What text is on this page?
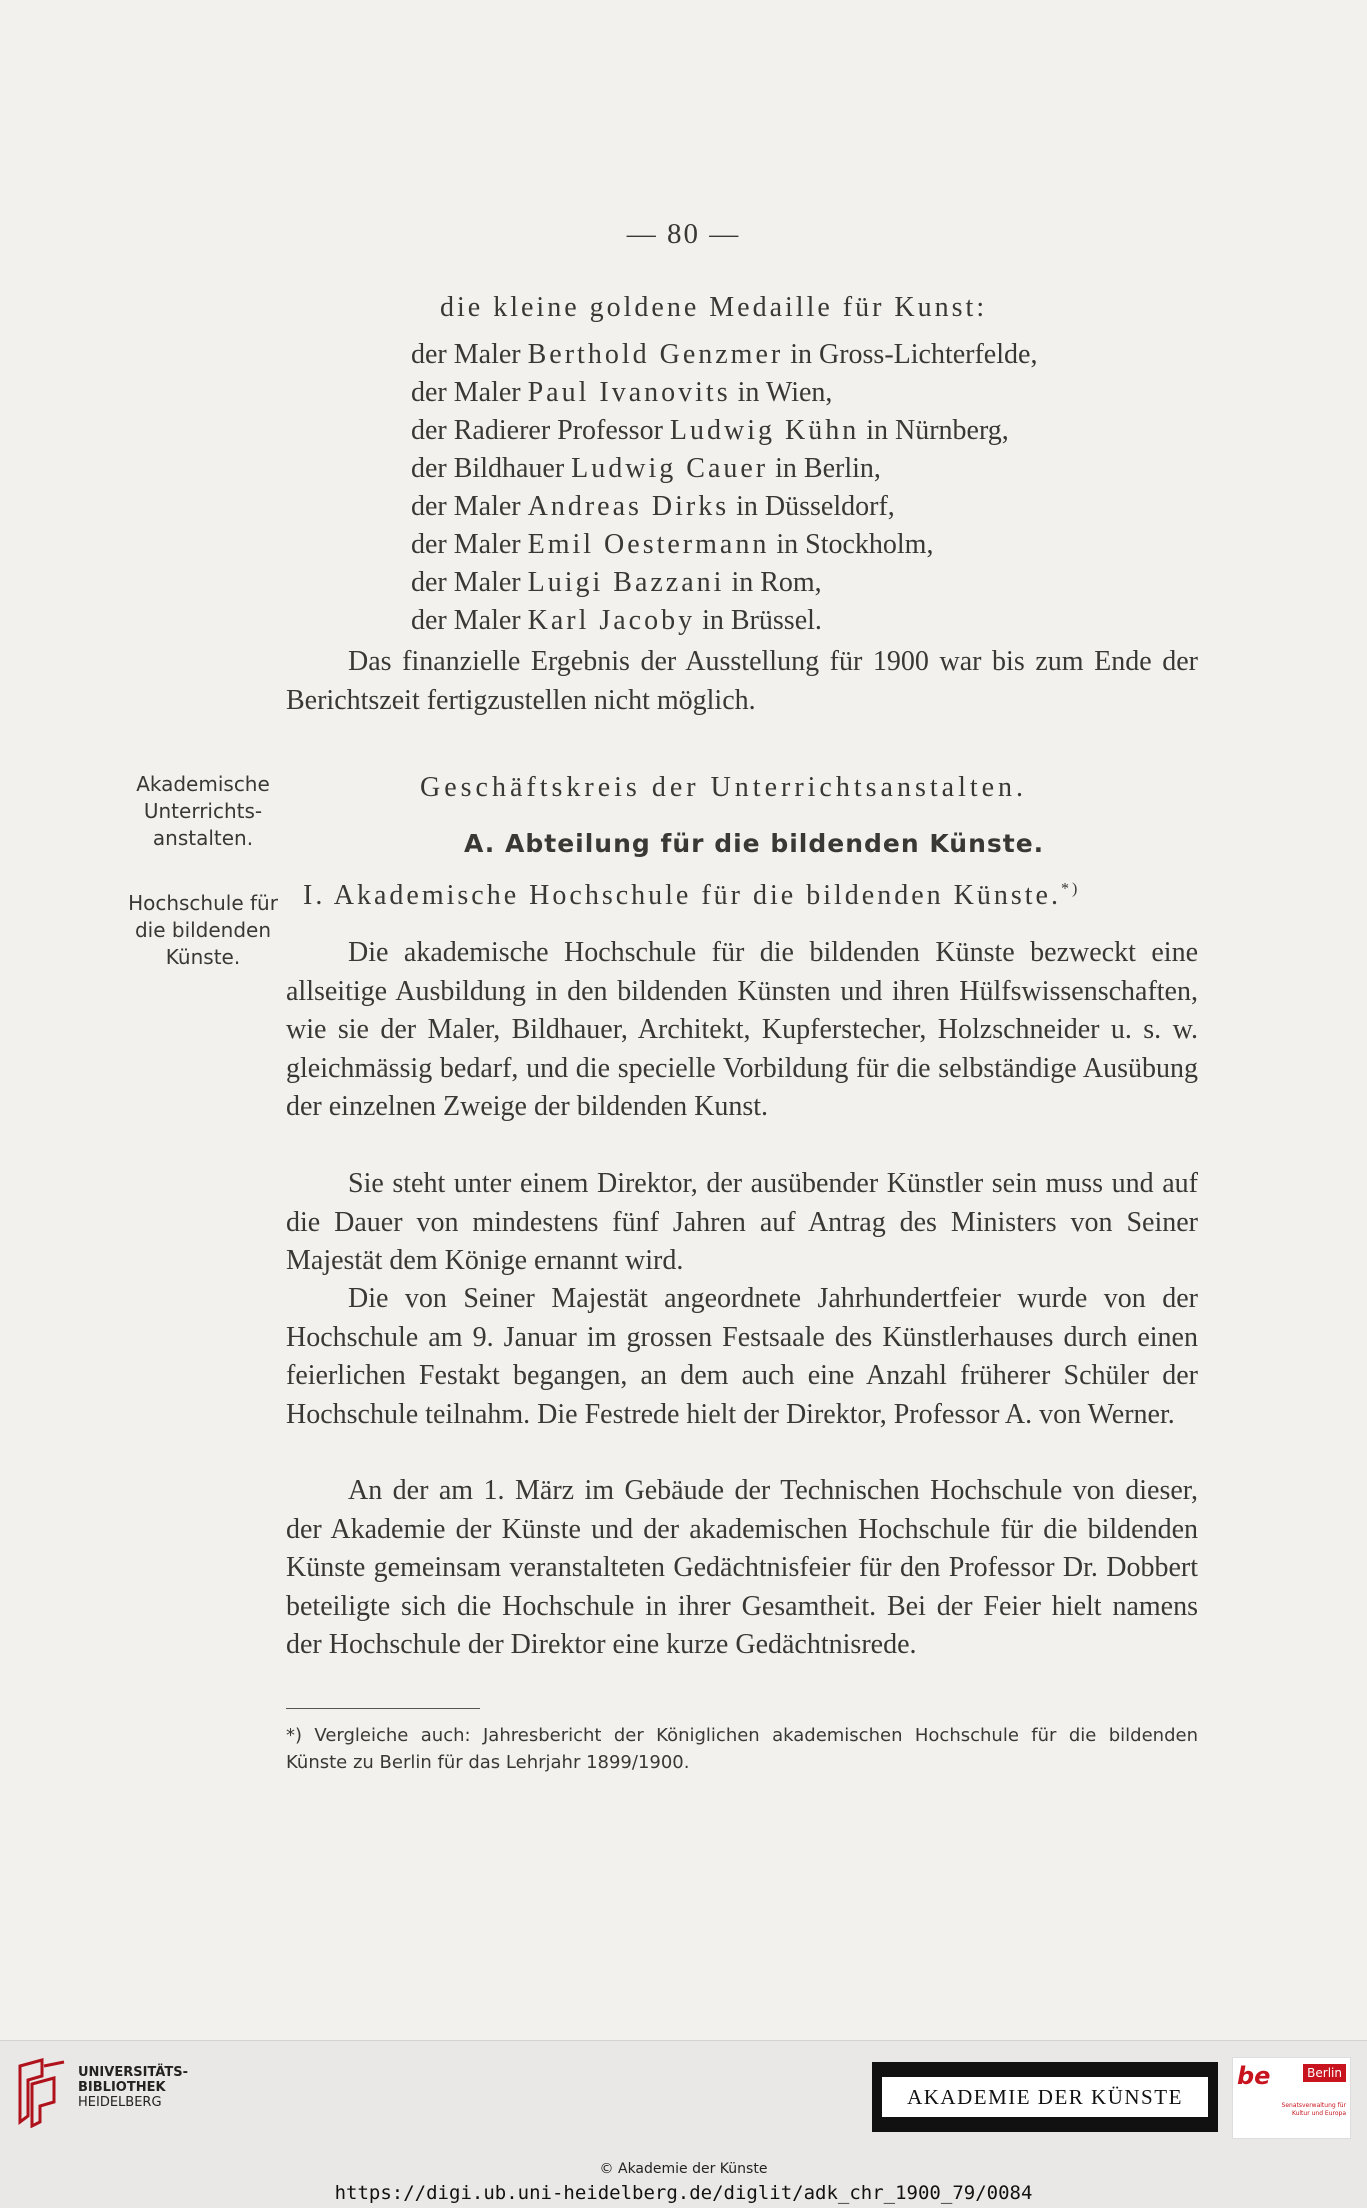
— 80 —
die kleine goldene Medaille für Kunst:
der Maler Berthold Genzmer in Gross-Lichterfelde,
der Maler Paul Ivanovits in Wien,
der Radierer Professor Ludwig Kühn in Nürnberg,
der Bildhauer Ludwig Cauer in Berlin,
der Maler Andreas Dirks in Düsseldorf,
der Maler Emil Oestermann in Stockholm,
der Maler Luigi Bazzani in Rom,
der Maler Karl Jacoby in Brüssel.
Das finanzielle Ergebnis der Ausstellung für 1900 war bis zum Ende der Berichtszeit fertigzustellen nicht möglich.
Akademische
Unterrichts-
anstalten.
Geschäftskreis der Unterrichtsanstalten.
A. Abteilung für die bildenden Künste.
Hochschule für
die bildenden
Künste.
I. Akademische Hochschule für die bildenden Künste.*)
Die akademische Hochschule für die bildenden Künste bezweckt eine allseitige Ausbildung in den bildenden Künsten und ihren Hülfswissenschaften, wie sie der Maler, Bildhauer, Architekt, Kupferstecher, Holzschneider u. s. w. gleichmässig bedarf, und die specielle Vorbildung für die selbständige Ausübung der einzelnen Zweige der bildenden Kunst.
Sie steht unter einem Direktor, der ausübender Künstler sein muss und auf die Dauer von mindestens fünf Jahren auf Antrag des Ministers von Seiner Majestät dem Könige ernannt wird.
Die von Seiner Majestät angeordnete Jahrhundertfeier wurde von der Hochschule am 9. Januar im grossen Festsaale des Künstlerhauses durch einen feierlichen Festakt begangen, an dem auch eine Anzahl früherer Schüler der Hochschule teilnahm. Die Festrede hielt der Direktor, Professor A. von Werner.
An der am 1. März im Gebäude der Technischen Hochschule von dieser, der Akademie der Künste und der akademischen Hochschule für die bildenden Künste gemeinsam veranstalteten Gedächtnisfeier für den Professor Dr. Dobbert beteiligte sich die Hochschule in ihrer Gesamtheit. Bei der Feier hielt namens der Hochschule der Direktor eine kurze Gedächtnisrede.
*) Vergleiche auch: Jahresbericht der Königlichen akademischen Hochschule für die bildenden Künste zu Berlin für das Lehrjahr 1899/1900.
UNIVERSITÄTS-
BIBLIOTHEK
HEIDELBERG	AKADEMIE DER KÜNSTE
be	Berlin
Senatsverwaltung für Kultur und Europa
© Akademie der Künste
https://digi.ub.uni-heidelberg.de/diglit/adk_chr_1900_79/0084
